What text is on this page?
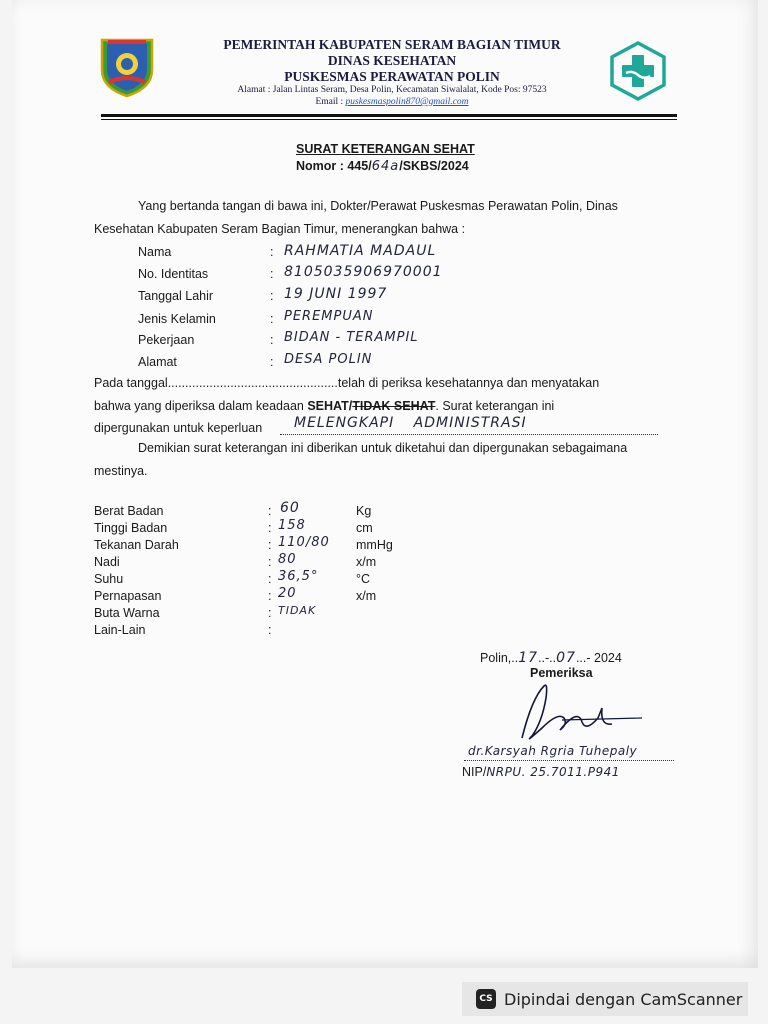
PEMERINTAH KABUPATEN SERAM BAGIAN TIMUR
DINAS KESEHATAN
PUSKESMAS PERAWATAN POLIN
Alamat : Jalan Lintas Seram, Desa Polin, Kecamatan Siwalalat, Kode Pos: 97523
Email : puskesmaspolin870@gmail.com
SURAT KETERANGAN SEHAT
Nomor : 445/64a/SKBS/2024
Yang bertanda tangan di bawa ini, Dokter/Perawat Puskesmas Perawatan Polin, Dinas
Kesehatan Kabupaten Seram Bagian Timur, menerangkan bahwa :
Nama	: RAHMATIA MADAUL
No. Identitas	: 8105035906970001
Tanggal Lahir	: 19 JUNI 1997
Jenis Kelamin	: PEREMPUAN
Pekerjaan	: BIDAN - TERAMPIL
Alamat	: DESA POLIN
Pada tanggal.................................................telah di periksa kesehatannya dan menyatakan
bahwa yang diperiksa dalam keadaan SEHAT/TIDAK SEHAT. Surat keterangan ini
dipergunakan untuk keperluan MELENGKAPI ADMINISTRASI
Demikian surat keterangan ini diberikan untuk diketahui dan dipergunakan sebagaimana
mestinya.
Berat Badan	: 60	Kg
Tinggi Badan	: 158	cm
Tekanan Darah	: 110/80 mmHg
Nadi	: 80	x/m
Suhu	: 36,5°	°C
Pernapasan	: 20	x/m
Buta Warna	: TIDAK
Lain-Lain	:
Polin,..17..-..07...- 2024
Pemeriksa
dr.Karsyah Rgria Tuhepaly
NIP/NRPU. 25.7011.P941
CS Dipindai dengan CamScanner
